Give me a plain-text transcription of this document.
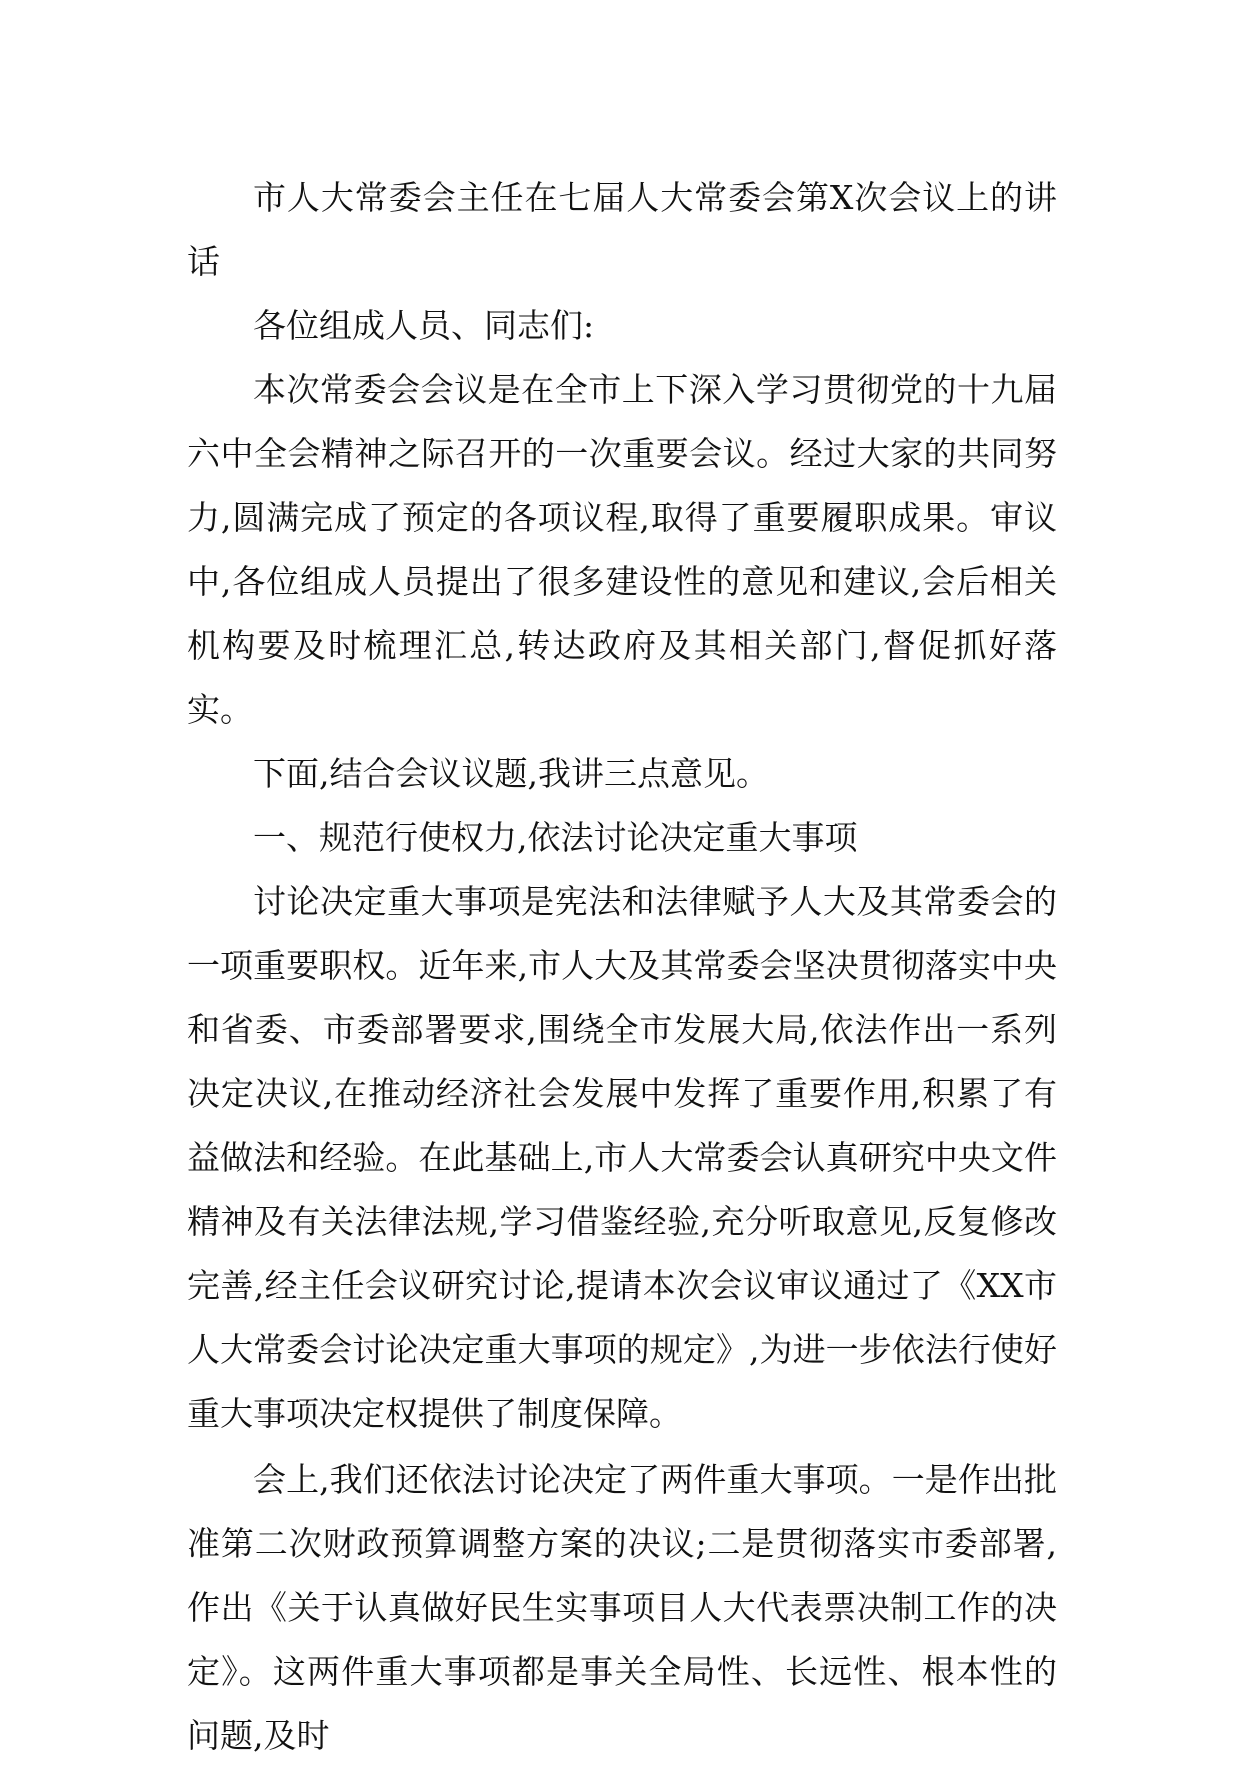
市人大常委会主任在七届人大常委会第X次会议上的讲话

各位组成人员、同志们:

本次常委会会议是在全市上下深入学习贯彻党的十九届六中全会精神之际召开的一次重要会议。经过大家的共同努力,圆满完成了预定的各项议程,取得了重要履职成果。审议中,各位组成人员提出了很多建设性的意见和建议,会后相关机构要及时梳理汇总,转达政府及其相关部门,督促抓好落实。

下面,结合会议议题,我讲三点意见。

一、规范行使权力,依法讨论决定重大事项

讨论决定重大事项是宪法和法律赋予人大及其常委会的一项重要职权。近年来,市人大及其常委会坚决贯彻落实中央和省委、市委部署要求,围绕全市发展大局,依法作出一系列决定决议,在推动经济社会发展中发挥了重要作用,积累了有益做法和经验。在此基础上,市人大常委会认真研究中央文件精神及有关法律法规,学习借鉴经验,充分听取意见,反复修改完善,经主任会议研究讨论,提请本次会议审议通过了《XX市人大常委会讨论决定重大事项的规定》,为进一步依法行使好重大事项决定权提供了制度保障。

会上,我们还依法讨论决定了两件重大事项。一是作出批准第二次财政预算调整方案的决议;二是贯彻落实市委部署,作出《关于认真做好民生实事项目人大代表票决制工作的决定》。这两件重大事项都是事关全局性、长远性、根本性的问题,及时
